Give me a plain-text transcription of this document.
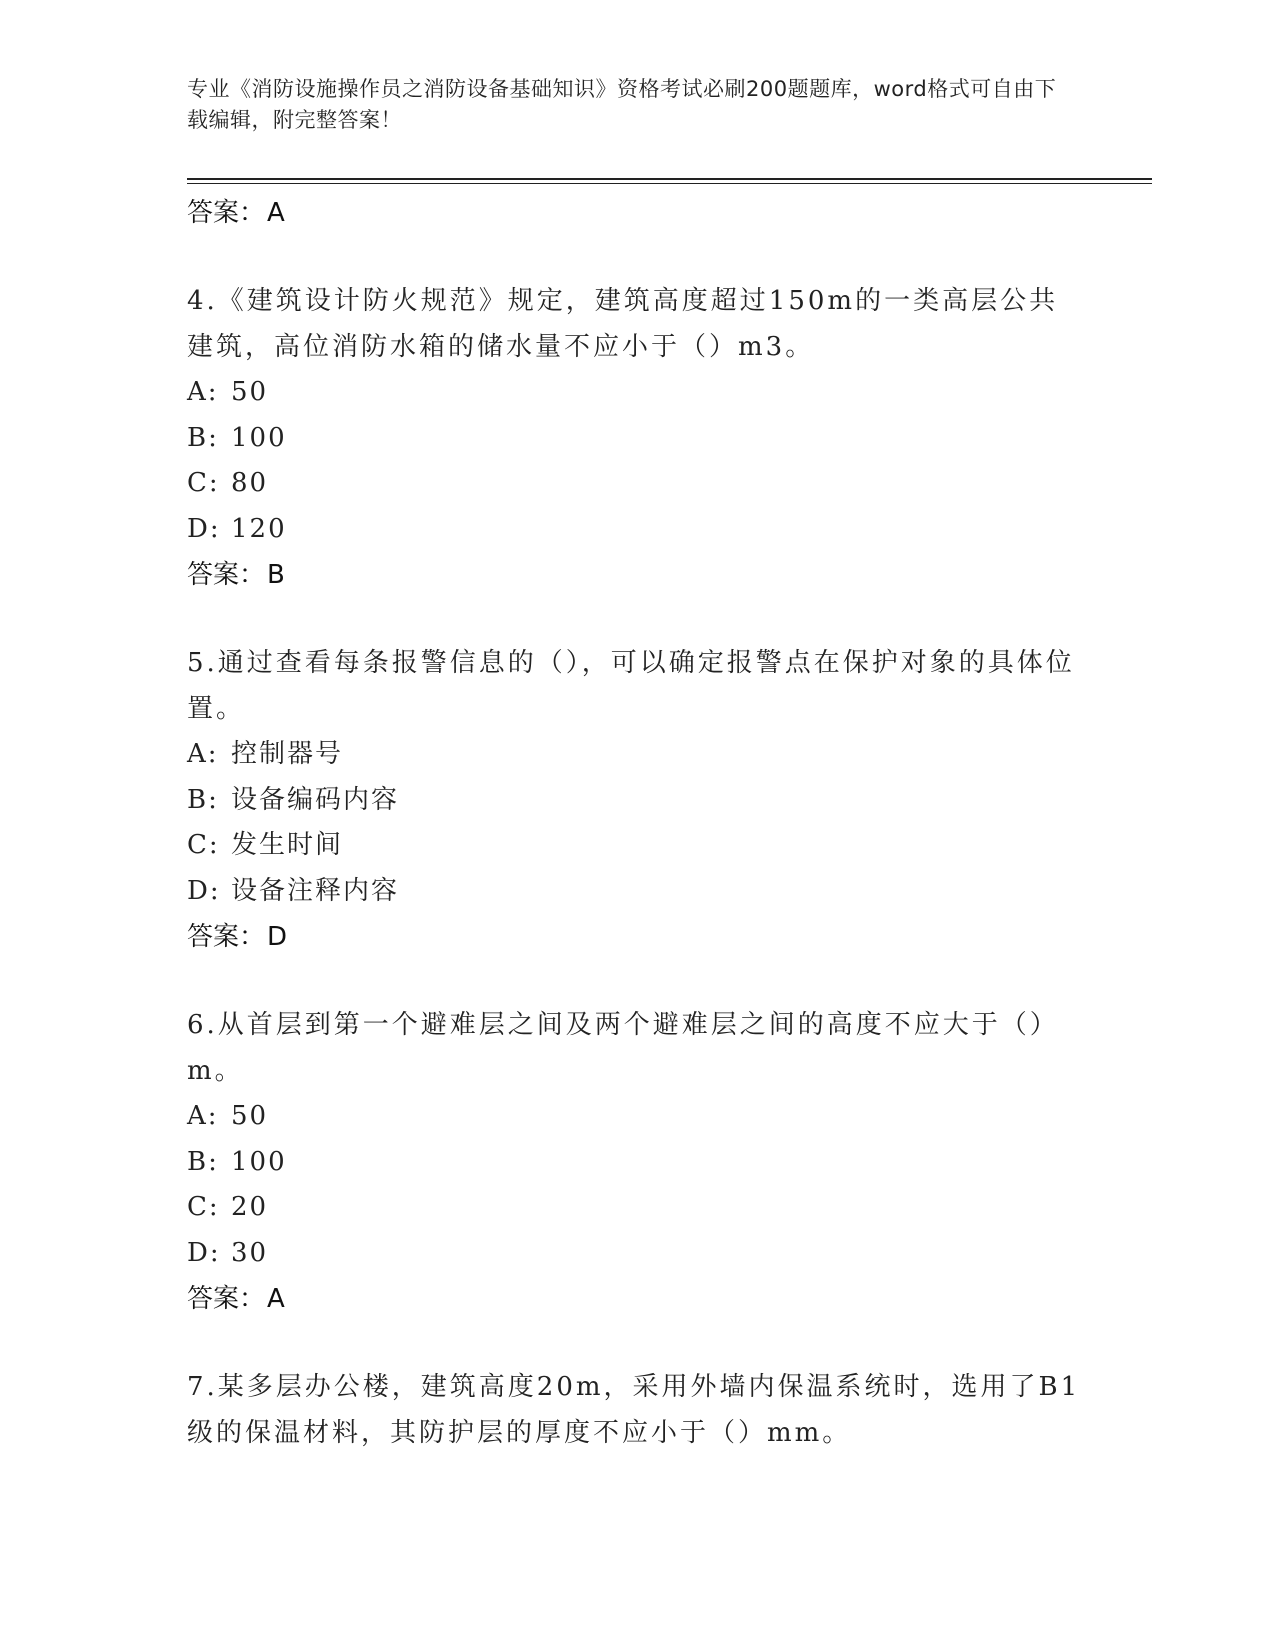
专业《消防设施操作员之消防设备基础知识》资格考试必刷200题题库，word格式可自由下载编辑，附完整答案！
答案：A
4.《建筑设计防火规范》规定，建筑高度超过150m的一类高层公共建筑，高位消防水箱的储水量不应小于（）m3。
A: 50
B: 100
C: 80
D: 120
答案：B
5.通过查看每条报警信息的（），可以确定报警点在保护对象的具体位置。
A: 控制器号
B: 设备编码内容
C: 发生时间
D: 设备注释内容
答案：D
6.从首层到第一个避难层之间及两个避难层之间的高度不应大于（）m。
A: 50
B: 100
C: 20
D: 30
答案：A
7.某多层办公楼，建筑高度20m，采用外墙内保温系统时，选用了B1级的保温材料，其防护层的厚度不应小于（）mm。
